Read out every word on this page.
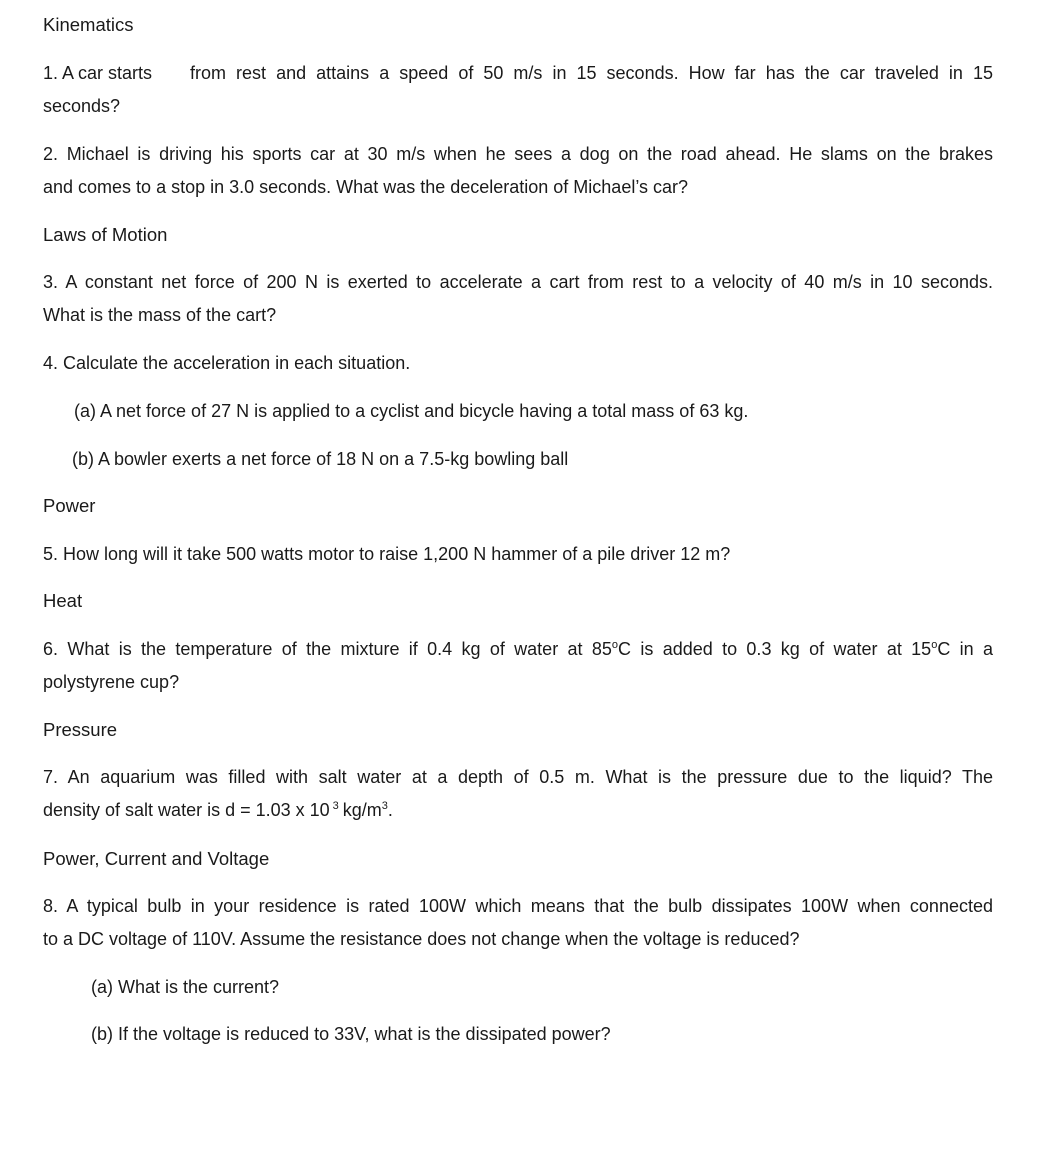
Kinematics
1. A car starts from rest and attains a speed of 50 m/s in 15 seconds. How far has the car traveled in 15
seconds?
2. Michael is driving his sports car at 30 m/s when he sees a dog on the road ahead. He slams on the brakes
and comes to a stop in 3.0 seconds. What was the deceleration of Michael’s car?
Laws of Motion
3. A constant net force of 200 N is exerted to accelerate a cart from rest to a velocity of 40 m/s in 10 seconds.
What is the mass of the cart?
4. Calculate the acceleration in each situation.
(a) A net force of 27 N is applied to a cyclist and bicycle having a total mass of 63 kg.
(b) A bowler exerts a net force of 18 N on a 7.5-kg bowling ball
Power
5. How long will it take 500 watts motor to raise 1,200 N hammer of a pile driver 12 m?
Heat
6. What is the temperature of the mixture if 0.4 kg of water at 85$^o$C is added to 0.3 kg of water at 15$^o$C in a
polystyrene cup?
Pressure
7. An aquarium was filled with salt water at a depth of 0.5 m. What is the pressure due to the liquid? The
density of salt water is d = 1.03 x 10 $^3$ $kg/m^3$.
Power, Current and Voltage
8. A typical bulb in your residence is rated 100W which means that the bulb dissipates 100W when connected
to a DC voltage of 110V. Assume the resistance does not change when the voltage is reduced?
(a) What is the current?
(b) If the voltage is reduced to 33V, what is the dissipated power?
